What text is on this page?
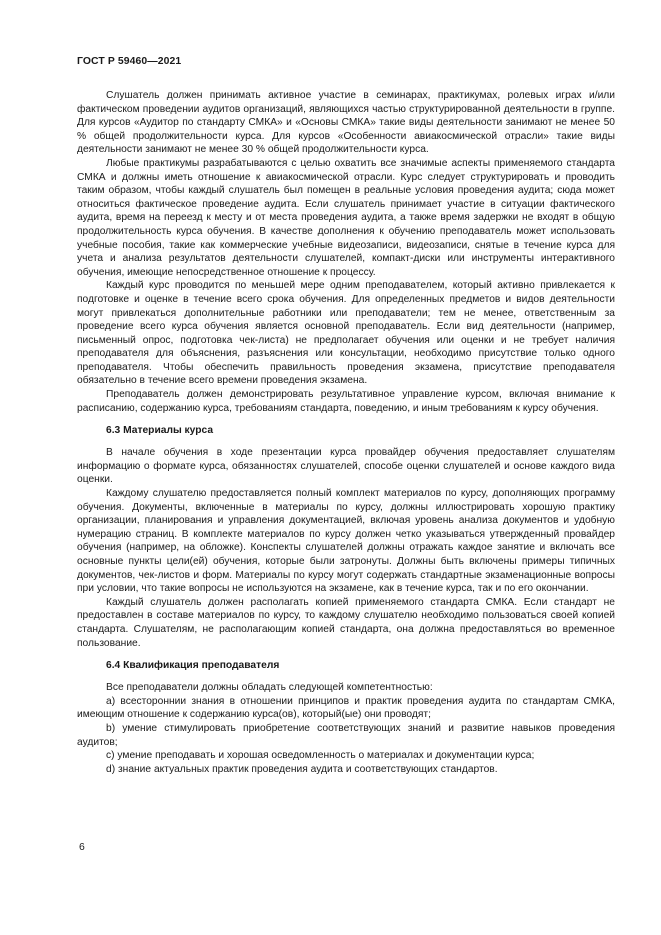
ГОСТ Р 59460—2021

Слушатель должен принимать активное участие в семинарах, практикумах, ролевых играх и/или фактическом проведении аудитов организаций, являющихся частью структурированной деятельности в группе. Для курсов «Аудитор по стандарту СМКА» и «Основы СМКА» такие виды деятельности занимают не менее 50 % общей продолжительности курса. Для курсов «Особенности авиакосмической отрасли» такие виды деятельности занимают не менее 30 % общей продолжительности курса.

Любые практикумы разрабатываются с целью охватить все значимые аспекты применяемого стандарта СМКА и должны иметь отношение к авиакосмической отрасли. Курс следует структурировать и проводить таким образом, чтобы каждый слушатель был помещен в реальные условия проведения аудита; сюда может относиться фактическое проведение аудита. Если слушатель принимает участие в ситуации фактического аудита, время на переезд к месту и от места проведения аудита, а также время задержки не входят в общую продолжительность курса обучения. В качестве дополнения к обучению преподаватель может использовать учебные пособия, такие как коммерческие учебные видеозаписи, видеозаписи, снятые в течение курса для учета и анализа результатов деятельности слушателей, компакт-диски или инструменты интерактивного обучения, имеющие непосредственное отношение к процессу.

Каждый курс проводится по меньшей мере одним преподавателем, который активно привлекается к подготовке и оценке в течение всего срока обучения. Для определенных предметов и видов деятельности могут привлекаться дополнительные работники или преподаватели; тем не менее, ответственным за проведение всего курса обучения является основной преподаватель. Если вид деятельности (например, письменный опрос, подготовка чек-листа) не предполагает обучения или оценки и не требует наличия преподавателя для объяснения, разъяснения или консультации, необходимо присутствие только одного преподавателя. Чтобы обеспечить правильность проведения экзамена, присутствие преподавателя обязательно в течение всего времени проведения экзамена.

Преподаватель должен демонстрировать результативное управление курсом, включая внимание к расписанию, содержанию курса, требованиям стандарта, поведению, и иным требованиям к курсу обучения.

6.3 Материалы курса

В начале обучения в ходе презентации курса провайдер обучения предоставляет слушателям информацию о формате курса, обязанностях слушателей, способе оценки слушателей и основе каждого вида оценки.

Каждому слушателю предоставляется полный комплект материалов по курсу, дополняющих программу обучения. Документы, включенные в материалы по курсу, должны иллюстрировать хорошую практику организации, планирования и управления документацией, включая уровень анализа документов и удобную нумерацию страниц. В комплекте материалов по курсу должен четко указываться утвержденный провайдер обучения (например, на обложке). Конспекты слушателей должны отражать каждое занятие и включать все основные пункты цели(ей) обучения, которые были затронуты. Должны быть включены примеры типичных документов, чек-листов и форм. Материалы по курсу могут содержать стандартные экзаменационные вопросы при условии, что такие вопросы не используются на экзамене, как в течение курса, так и по его окончании.

Каждый слушатель должен располагать копией применяемого стандарта СМКА. Если стандарт не предоставлен в составе материалов по курсу, то каждому слушателю необходимо пользоваться своей копией стандарта. Слушателям, не располагающим копией стандарта, она должна предоставляться во временное пользование.

6.4 Квалификация преподавателя

Все преподаватели должны обладать следующей компетентностью:

a) всестороннии знания в отношении принципов и практик проведения аудита по стандартам СМКА, имеющим отношение к содержанию курса(ов), который(ые) они проводят;

b) умение стимулировать приобретение соответствующих знаний и развитие навыков проведения аудитов;

c) умение преподавать и хорошая осведомленность о материалах и документации курса;

d) знание актуальных практик проведения аудита и соответствующих стандартов.

6
